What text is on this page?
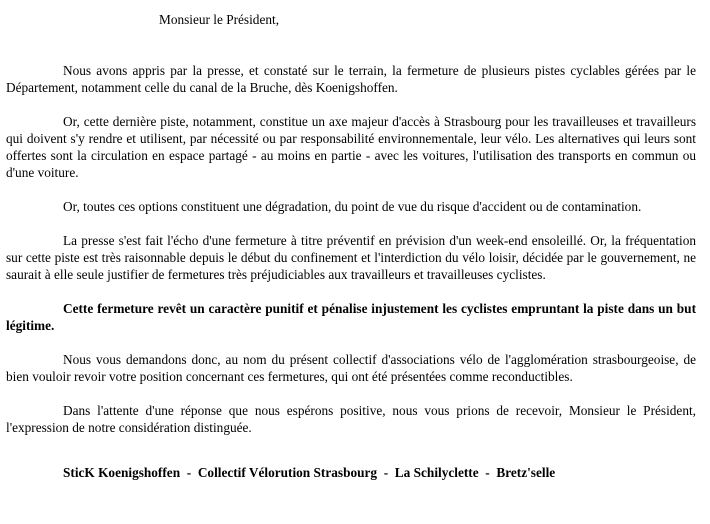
Monsieur le Président,

Nous avons appris par la presse, et constaté sur le terrain, la fermeture de plusieurs pistes cyclables gérées par le Département, notamment celle du canal de la Bruche, dès Koenigshoffen.

Or, cette dernière piste, notamment, constitue un axe majeur d'accès à Strasbourg pour les travailleuses et travailleurs qui doivent s'y rendre et utilisent, par nécessité ou par responsabilité environnementale, leur vélo. Les alternatives qui leurs sont offertes sont la circulation en espace partagé - au moins en partie - avec les voitures, l'utilisation des transports en commun ou d'une voiture.

Or, toutes ces options constituent une dégradation, du point de vue du risque d'accident ou de contamination.

La presse s'est fait l'écho d'une fermeture à titre préventif en prévision d'un week-end ensoleillé. Or, la fréquentation sur cette piste est très raisonnable depuis le début du confinement et l'interdiction du vélo loisir, décidée par le gouvernement, ne saurait à elle seule justifier de fermetures très préjudiciables aux travailleurs et travailleuses cyclistes.

Cette fermeture revêt un caractère punitif et pénalise injustement les cyclistes empruntant la piste dans un but légitime.

Nous vous demandons donc, au nom du présent collectif d'associations vélo de l'agglomération strasbourgeoise, de bien vouloir revoir votre position concernant ces fermetures, qui ont été présentées comme reconductibles.

Dans l'attente d'une réponse que nous espérons positive, nous vous prions de recevoir, Monsieur le Président, l'expression de notre considération distinguée.

SticK Koenigshoffen  -  Collectif Vélorution Strasbourg  -  La Schilyclette  -  Bretz'selle
